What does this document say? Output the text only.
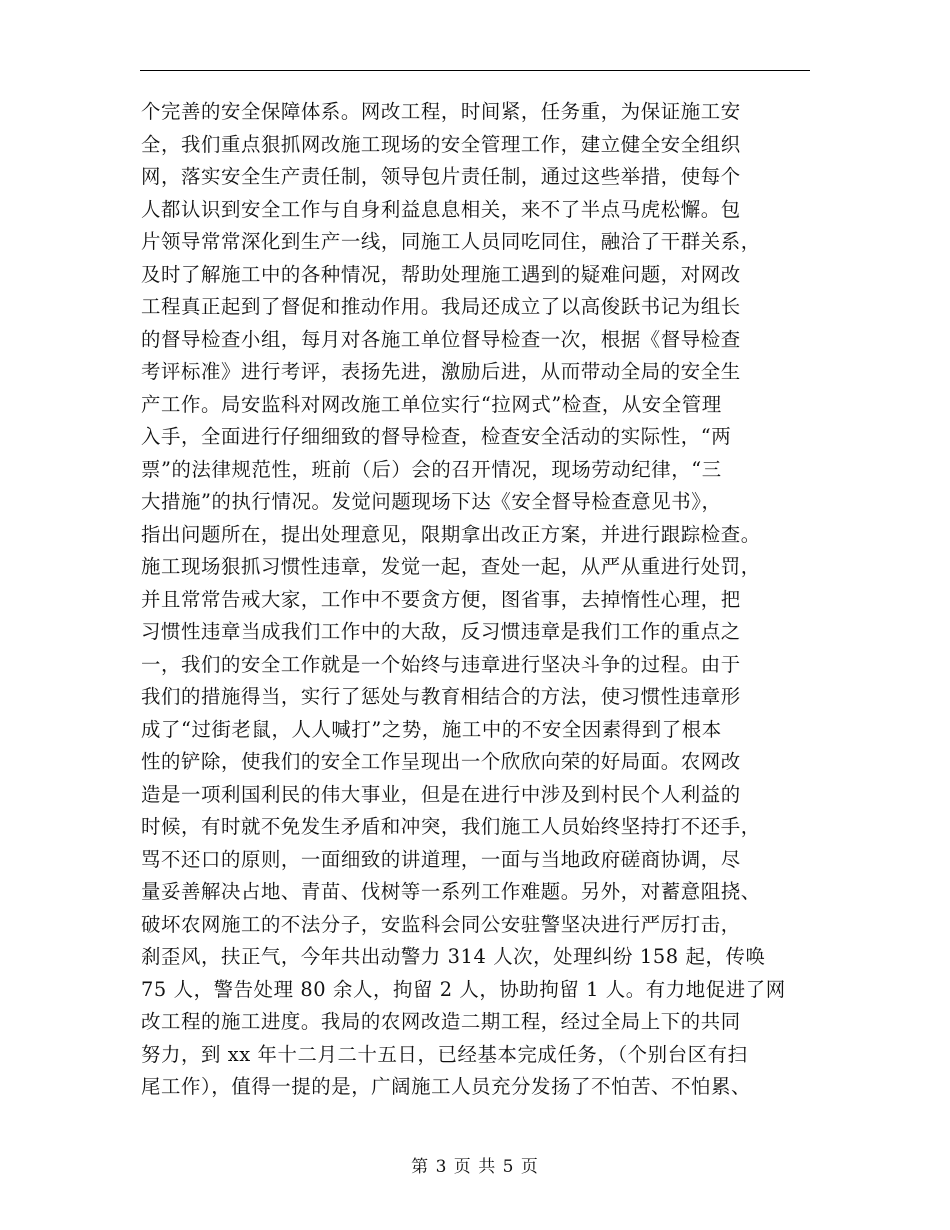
个完善的安全保障体系。网改工程，时间紧，任务重，为保证施工安
全，我们重点狠抓网改施工现场的安全管理工作，建立健全安全组织
网，落实安全生产责任制，领导包片责任制，通过这些举措，使每个
人都认识到安全工作与自身利益息息相关，来不了半点马虎松懈。包
片领导常常深化到生产一线，同施工人员同吃同住，融洽了干群关系，
及时了解施工中的各种情况，帮助处理施工遇到的疑难问题，对网改
工程真正起到了督促和推动作用。我局还成立了以高俊跃书记为组长
的督导检查小组，每月对各施工单位督导检查一次，根据《督导检查
考评标准》进行考评，表扬先进，激励后进，从而带动全局的安全生
产工作。局安监科对网改施工单位实行“拉网式”检查，从安全管理
入手，全面进行仔细细致的督导检查，检查安全活动的实际性，“两
票”的法律规范性，班前（后）会的召开情况，现场劳动纪律，“三
大措施”的执行情况。发觉问题现场下达《安全督导检查意见书》，
指出问题所在，提出处理意见，限期拿出改正方案，并进行跟踪检查。
施工现场狠抓习惯性违章，发觉一起，查处一起，从严从重进行处罚，
并且常常告戒大家，工作中不要贪方便，图省事，去掉惰性心理，把
习惯性违章当成我们工作中的大敌，反习惯违章是我们工作的重点之
一，我们的安全工作就是一个始终与违章进行坚决斗争的过程。由于
我们的措施得当，实行了惩处与教育相结合的方法，使习惯性违章形
成了“过街老鼠，人人喊打”之势，施工中的不安全因素得到了根本
性的铲除，使我们的安全工作呈现出一个欣欣向荣的好局面。农网改
造是一项利国利民的伟大事业，但是在进行中涉及到村民个人利益的
时候，有时就不免发生矛盾和冲突，我们施工人员始终坚持打不还手，
骂不还口的原则，一面细致的讲道理，一面与当地政府磋商协调，尽
量妥善解决占地、青苗、伐树等一系列工作难题。另外，对蓄意阻挠、
破坏农网施工的不法分子，安监科会同公安驻警坚决进行严厉打击，
刹歪风，扶正气，今年共出动警力 314 人次，处理纠纷 158 起，传唤
75 人，警告处理 80 余人，拘留 2 人，协助拘留 1 人。有力地促进了网
改工程的施工进度。我局的农网改造二期工程，经过全局上下的共同
努力，到 xx 年十二月二十五日，已经基本完成任务，（个别台区有扫
尾工作），值得一提的是，广阔施工人员充分发扬了不怕苦、不怕累、
第 3 页 共 5 页
